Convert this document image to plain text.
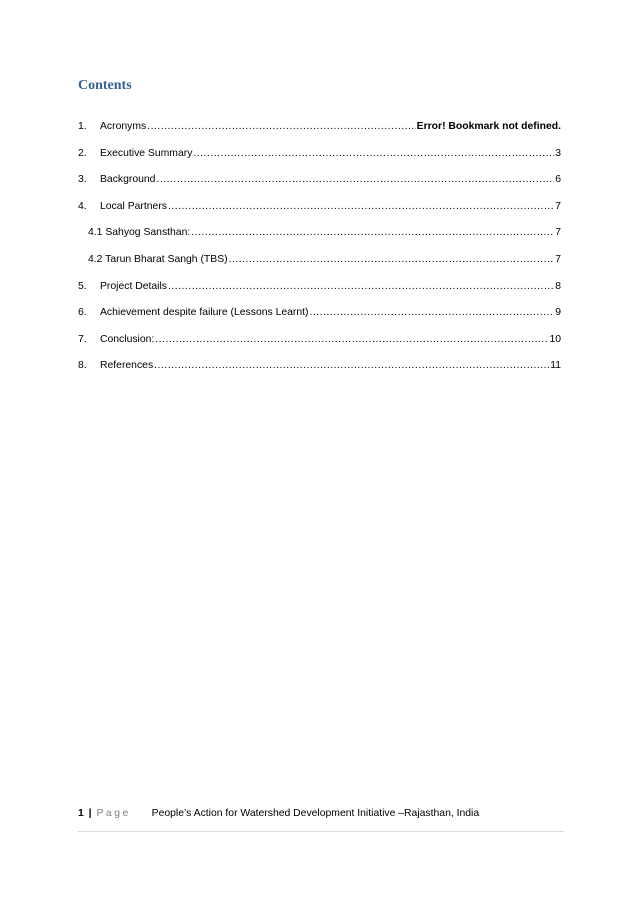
Contents
1.	Acronyms .....	Error! Bookmark not defined.
2.	Executive Summary .....	3
3.	Background .....	6
4.	Local Partners .....	7
4.1 Sahyog Sansthan: .....	7
4.2 Tarun Bharat Sangh (TBS) .....	7
5.	Project Details .....	8
6.	Achievement despite failure (Lessons Learnt) .....	9
7.	Conclusion: .....	10
8.	References .....	11
1 | Page People’s Action for Watershed Development Initiative –Rajasthan, India
